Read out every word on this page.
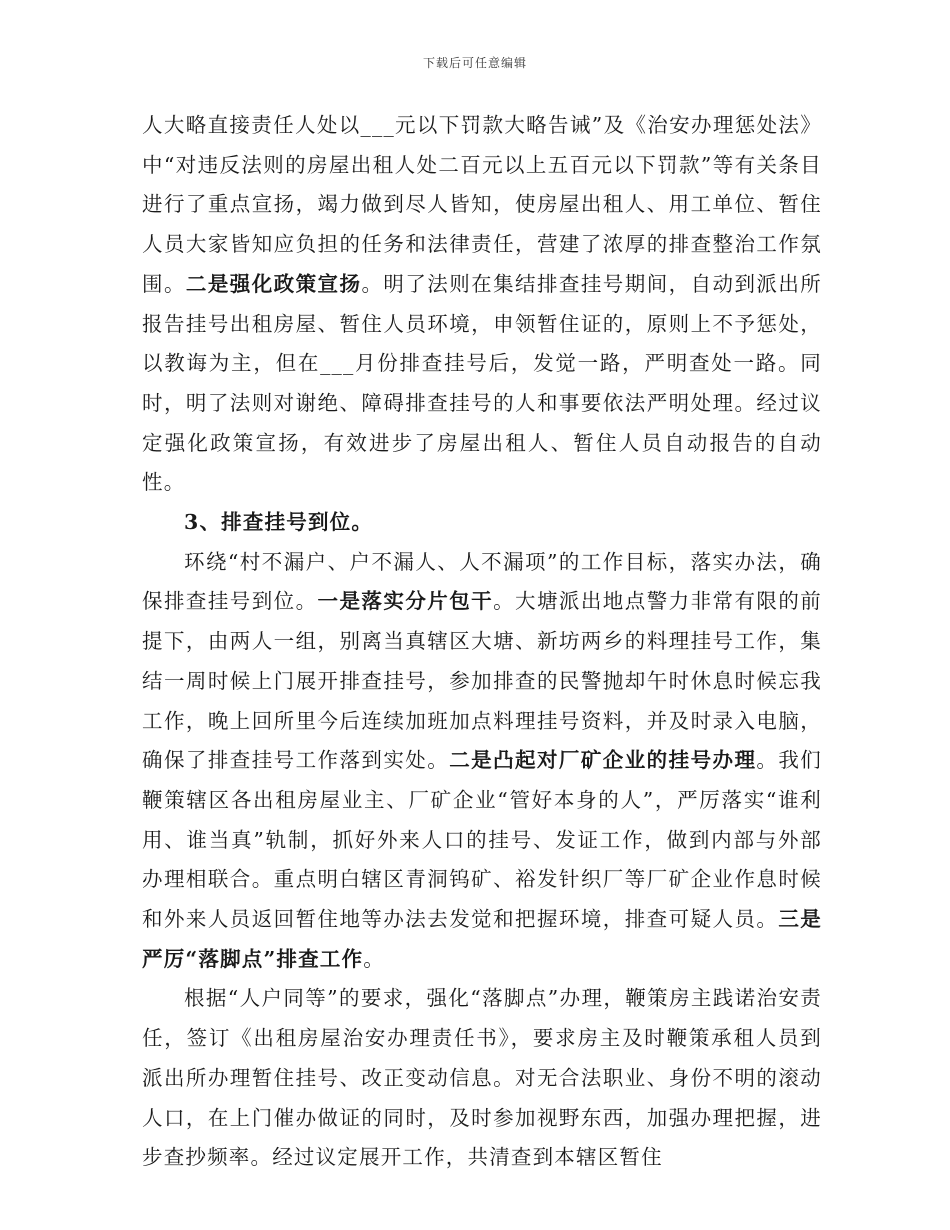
下载后可任意编辑

人大略直接责任人处以___元以下罚款大略告诫”及《治安办理惩处法》中“对违反法则的房屋出租人处二百元以上五百元以下罚款”等有关条目进行了重点宣扬，竭力做到尽人皆知，使房屋出租人、用工单位、暂住人员大家皆知应负担的任务和法律责任，营建了浓厚的排查整治工作氛围。二是强化政策宣扬。明了法则在集结排查挂号期间，自动到派出所报告挂号出租房屋、暂住人员环境，申领暂住证的，原则上不予惩处，以教诲为主，但在___月份排查挂号后，发觉一路，严明查处一路。同时，明了法则对谢绝、障碍排查挂号的人和事要依法严明处理。经过议定强化政策宣扬，有效进步了房屋出租人、暂住人员自动报告的自动性。

3、排查挂号到位。

环绕“村不漏户、户不漏人、人不漏项”的工作目标，落实办法，确保排查挂号到位。一是落实分片包干。大塘派出地点警力非常有限的前提下，由两人一组，别离当真辖区大塘、新坊两乡的料理挂号工作，集结一周时候上门展开排查挂号，参加排查的民警抛却午时休息时候忘我工作，晚上回所里今后连续加班加点料理挂号资料，并及时录入电脑，确保了排查挂号工作落到实处。二是凸起对厂矿企业的挂号办理。我们鞭策辖区各出租房屋业主、厂矿企业“管好本身的人”，严厉落实“谁利用、谁当真”轨制，抓好外来人口的挂号、发证工作，做到内部与外部办理相联合。重点明白辖区青洞钨矿、裕发针织厂等厂矿企业作息时候和外来人员返回暂住地等办法去发觉和把握环境，排查可疑人员。三是严厉“落脚点”排查工作。

根据“人户同等”的要求，强化“落脚点”办理，鞭策房主践诺治安责任，签订《出租房屋治安办理责任书》，要求房主及时鞭策承租人员到派出所办理暂住挂号、改正变动信息。对无合法职业、身份不明的滚动人口，在上门催办做证的同时，及时参加视野东西，加强办理把握，进步查抄频率。经过议定展开工作，共清查到本辖区暂住
